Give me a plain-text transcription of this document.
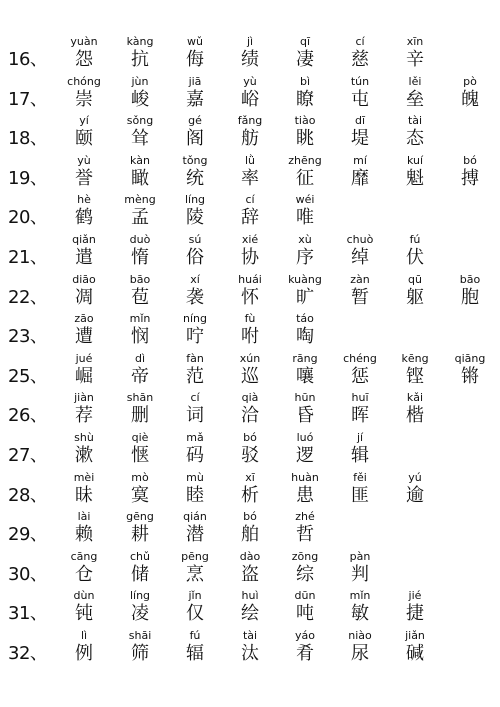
16、
yuàn
怨
kàng
抗
wǔ
侮
jì
绩
qī
凄
cí
慈
xīn
辛
17、
chóng
崇
jùn
峻
jiā
嘉
yù
峪
bì
瞭
tún
屯
lěi
垒
pò
魄
18、
yí
颐
sǒng
耸
gé
阁
fǎng
舫
tiào
眺
dī
堤
tài
态
19、
yù
誉
kàn
瞰
tǒng
统
lǜ
率
zhēng
征
mí
靡
kuí
魁
bó
搏
20、
hè
鹤
mèng
孟
líng
陵
cí
辞
wéi
唯
21、
qiǎn
遣
duò
惰
sú
俗
xié
协
xù
序
chuò
绰
fú
伏
22、
diāo
凋
bāo
苞
xí
袭
huái
怀
kuàng
旷
zàn
暂
qū
躯
bāo
胞
23、
zāo
遭
mǐn
悯
níng
咛
fù
咐
táo
啕
25、
jué
崛
dì
帝
fàn
范
xún
巡
rāng
嚷
chéng
惩
kēng
铿
qiāng
锵
26、
jiàn
荐
shān
删
cí
词
qià
洽
hūn
昏
huī
晖
kǎi
楷
27、
shù
漱
qiè
惬
mǎ
码
bó
驳
luó
逻
jí
辑
28、
mèi
昧
mò
寞
mù
睦
xī
析
huàn
患
fěi
匪
yú
逾
29、
lài
赖
gēng
耕
qián
潜
bó
舶
zhé
哲
30、
cāng
仓
chǔ
储
pēng
烹
dào
盗
zōng
综
pàn
判
31、
dùn
钝
líng
凌
jǐn
仅
huì
绘
dūn
吨
mǐn
敏
jié
捷
32、
lì
例
shāi
筛
fú
辐
tài
汰
yáo
肴
niào
尿
jiǎn
碱
